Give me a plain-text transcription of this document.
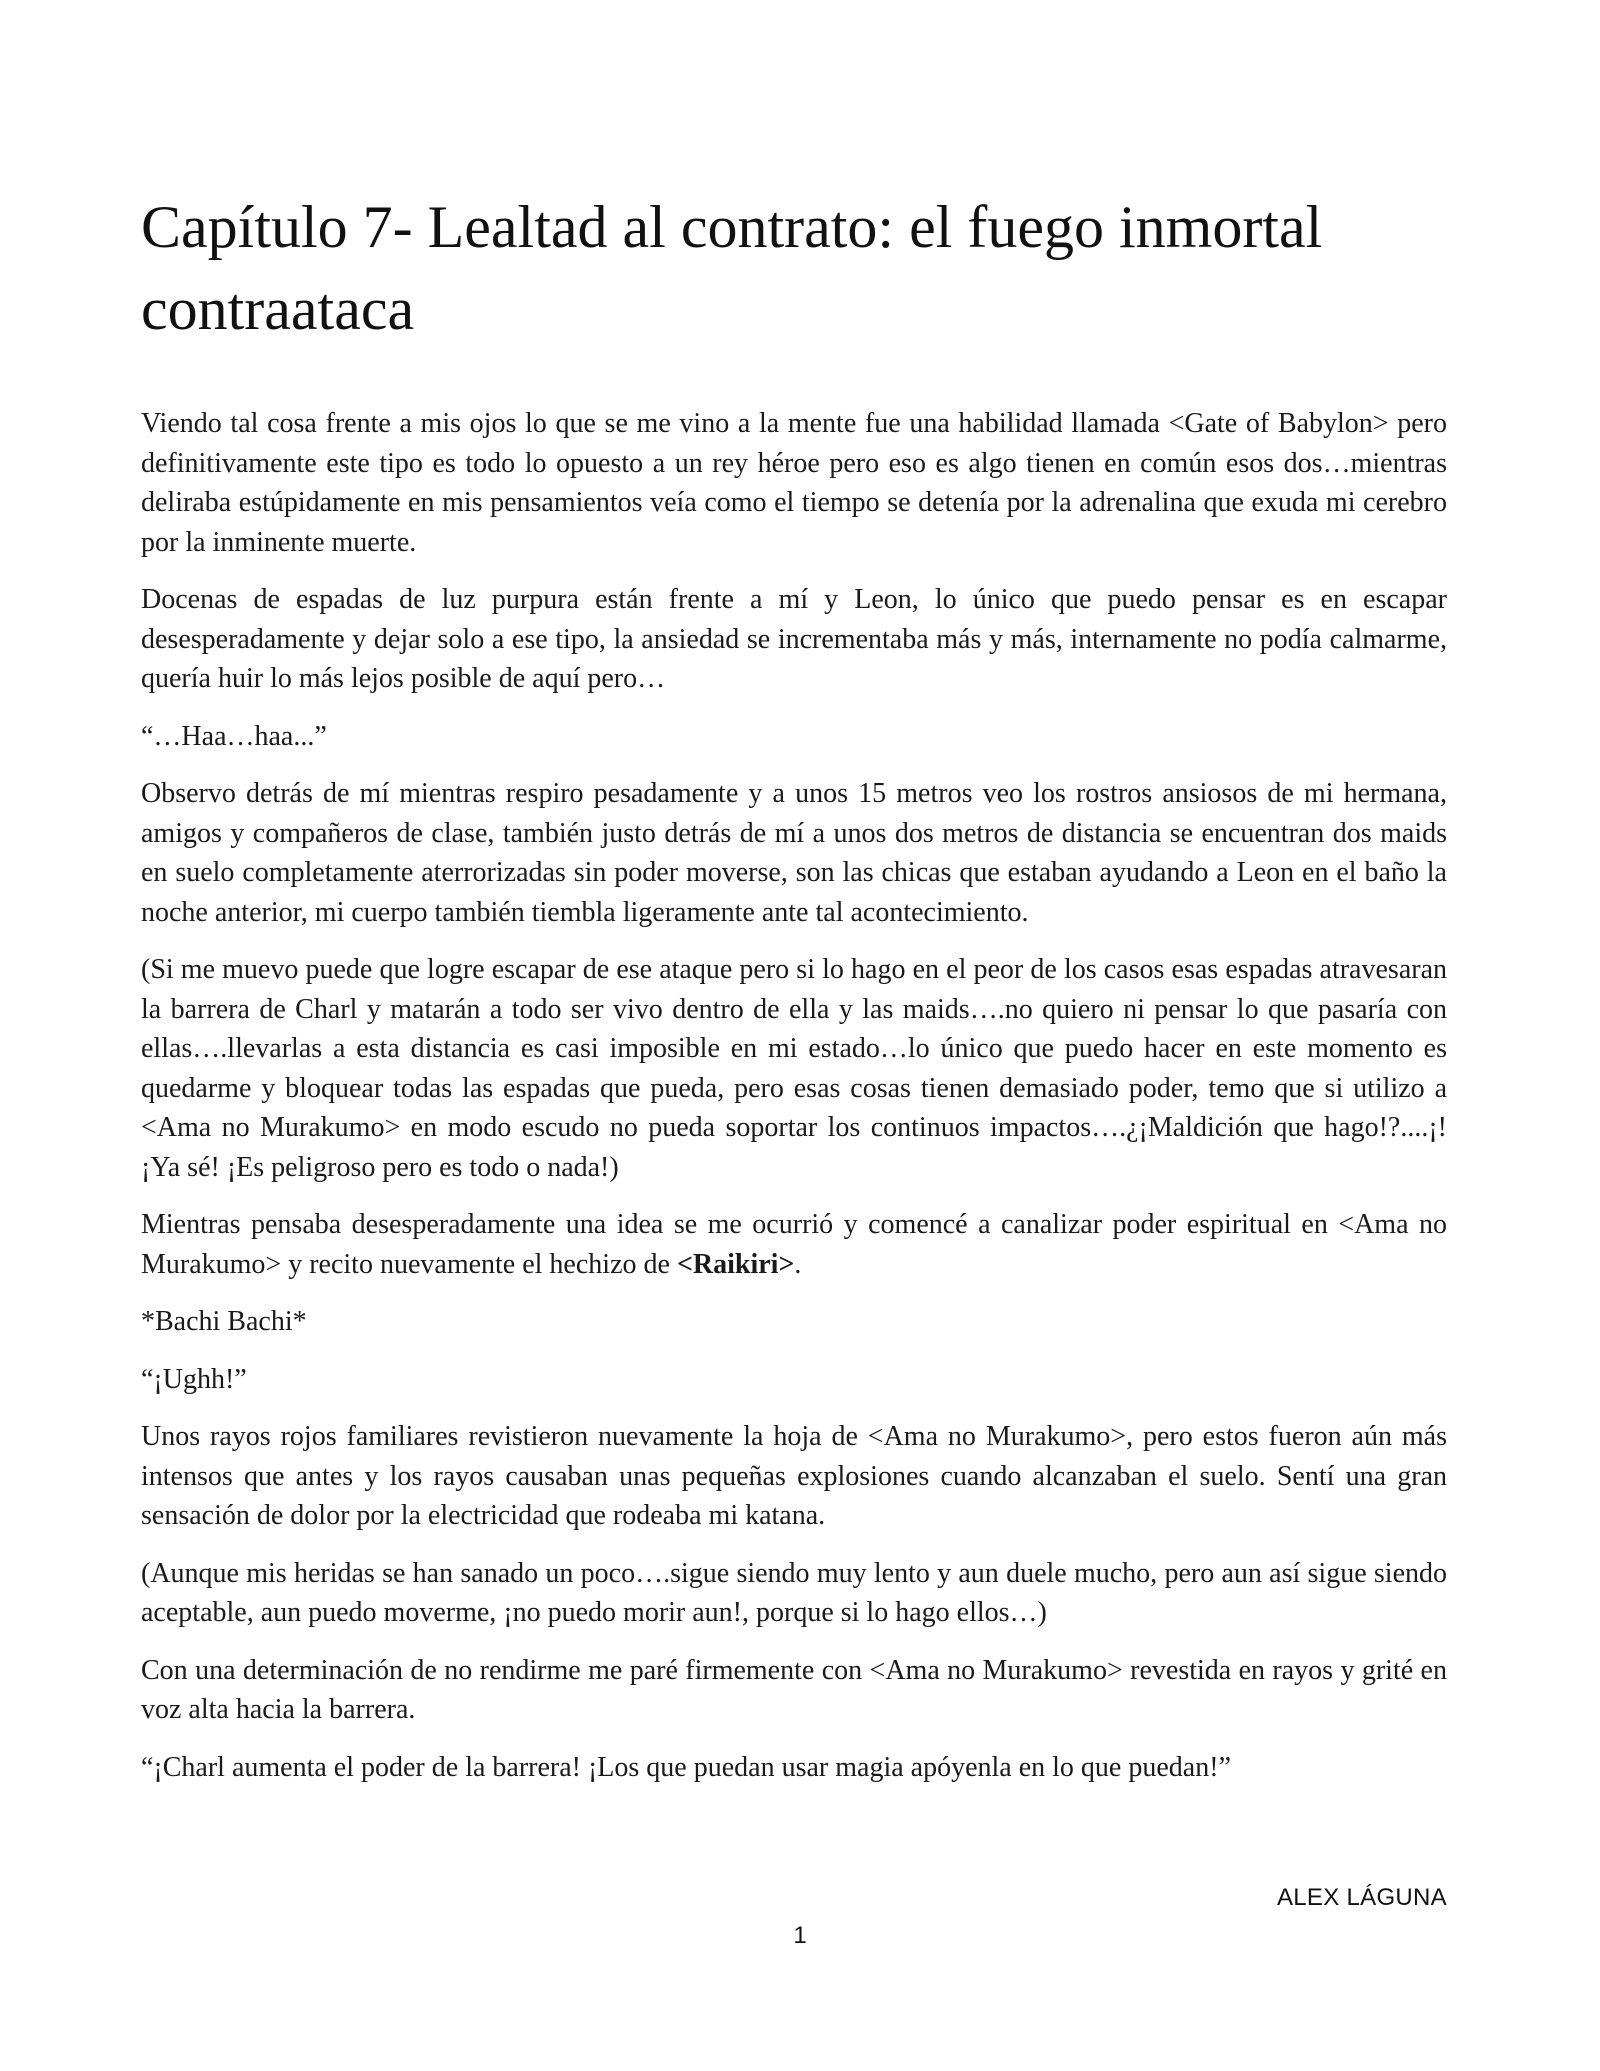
Capítulo 7- Lealtad al contrato: el fuego inmortal contraataca

Viendo tal cosa frente a mis ojos lo que se me vino a la mente fue una habilidad llamada <Gate of Babylon> pero definitivamente este tipo es todo lo opuesto a un rey héroe pero eso es algo tienen en común esos dos…mientras deliraba estúpidamente en mis pensamientos veía como el tiempo se detenía por la adrenalina que exuda mi cerebro por la inminente muerte.

Docenas de espadas de luz purpura están frente a mí y Leon, lo único que puedo pensar es en escapar desesperadamente y dejar solo a ese tipo, la ansiedad se incrementaba más y más, internamente no podía calmarme, quería huir lo más lejos posible de aquí pero…

“…Haa…haa...”

Observo detrás de mí mientras respiro pesadamente y a unos 15 metros veo los rostros ansiosos de mi hermana, amigos y compañeros de clase, también justo detrás de mí a unos dos metros de distancia se encuentran dos maids en suelo completamente aterrorizadas sin poder moverse, son las chicas que estaban ayudando a Leon en el baño la noche anterior, mi cuerpo también tiembla ligeramente ante tal acontecimiento.

(Si me muevo puede que logre escapar de ese ataque pero si lo hago en el peor de los casos esas espadas atravesaran la barrera de Charl y matarán a todo ser vivo dentro de ella y las maids….no quiero ni pensar lo que pasaría con ellas….llevarlas a esta distancia es casi imposible en mi estado…lo único que puedo hacer en este momento es quedarme y bloquear todas las espadas que pueda, pero esas cosas tienen demasiado poder, temo que si utilizo a <Ama no Murakumo> en modo escudo no pueda soportar los continuos impactos….¿¡Maldición que hago!?....¡! ¡Ya sé! ¡Es peligroso pero es todo o nada!)

Mientras pensaba desesperadamente una idea se me ocurrió y comencé a canalizar poder espiritual en <Ama no Murakumo> y recito nuevamente el hechizo de <Raikiri>.

*Bachi Bachi*

“¡Ughh!”

Unos rayos rojos familiares revistieron nuevamente la hoja de <Ama no Murakumo>, pero estos fueron aún más intensos que antes y los rayos causaban unas pequeñas explosiones cuando alcanzaban el suelo. Sentí una gran sensación de dolor por la electricidad que rodeaba mi katana.

(Aunque mis heridas se han sanado un poco….sigue siendo muy lento y aun duele mucho, pero aun así sigue siendo aceptable, aun puedo moverme, ¡no puedo morir aun!, porque si lo hago ellos…)

Con una determinación de no rendirme me paré firmemente con <Ama no Murakumo> revestida en rayos y grité en voz alta hacia la barrera.

“¡Charl aumenta el poder de la barrera! ¡Los que puedan usar magia apóyenla en lo que puedan!”

ALEX LÁGUNA
1
